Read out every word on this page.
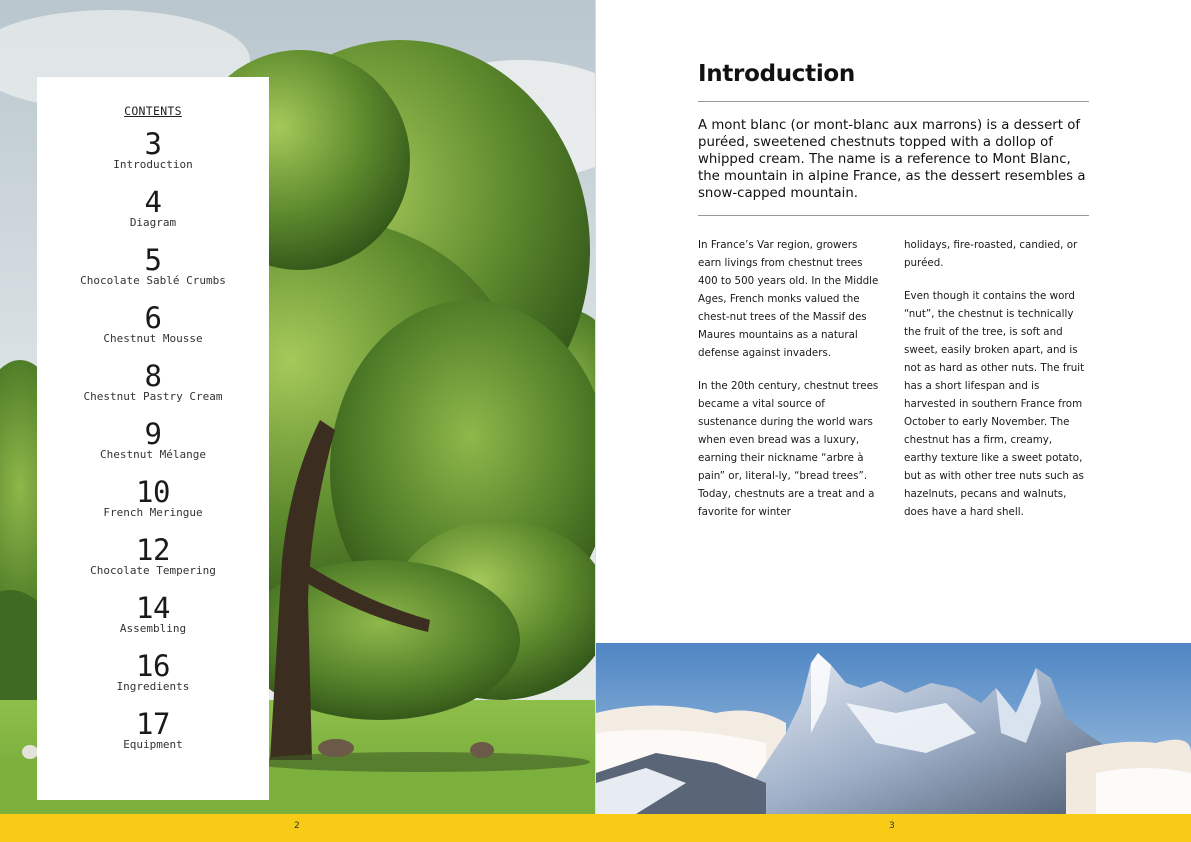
CONTENTS
3
Introduction
4
Diagram
5
Chocolate Sablé Crumbs
6
Chestnut Mousse
8
Chestnut Pastry Cream
9
Chestnut Mélange
10
French Meringue
12
Chocolate Tempering
14
Assembling
16
Ingredients
17
Equipment
Introduction
A mont blanc (or mont-blanc aux marrons) is a dessert of puréed, sweetened chestnuts topped with a dollop of whipped cream. The name is a reference to Mont Blanc, the mountain in alpine France, as the dessert resembles a snow-capped mountain.

In France’s Var region, growers earn livings from chestnut trees 400 to 500 years old. In the Middle Ages, French monks valued the chest-nut trees of the Massif des Maures mountains as a natural defense against invaders.

In the 20th century, chestnut trees became a vital source of sustenance during the world wars when even bread was a luxury, earning their nickname “arbre à pain” or, literal-ly, “bread trees”. Today, chestnuts are a treat and a favorite for winter

holidays, fire-roasted, candied, or puréed.

Even though it contains the word “nut”, the chestnut is technically the fruit of the tree, is soft and sweet, easily broken apart, and is not as hard as other nuts. The fruit has a short lifespan and is harvested in southern France from October to early November. The chestnut has a firm, creamy, earthy texture like a sweet potato, but as with other tree nuts such as hazelnuts, pecans and walnuts, does have a hard shell.

2	3
